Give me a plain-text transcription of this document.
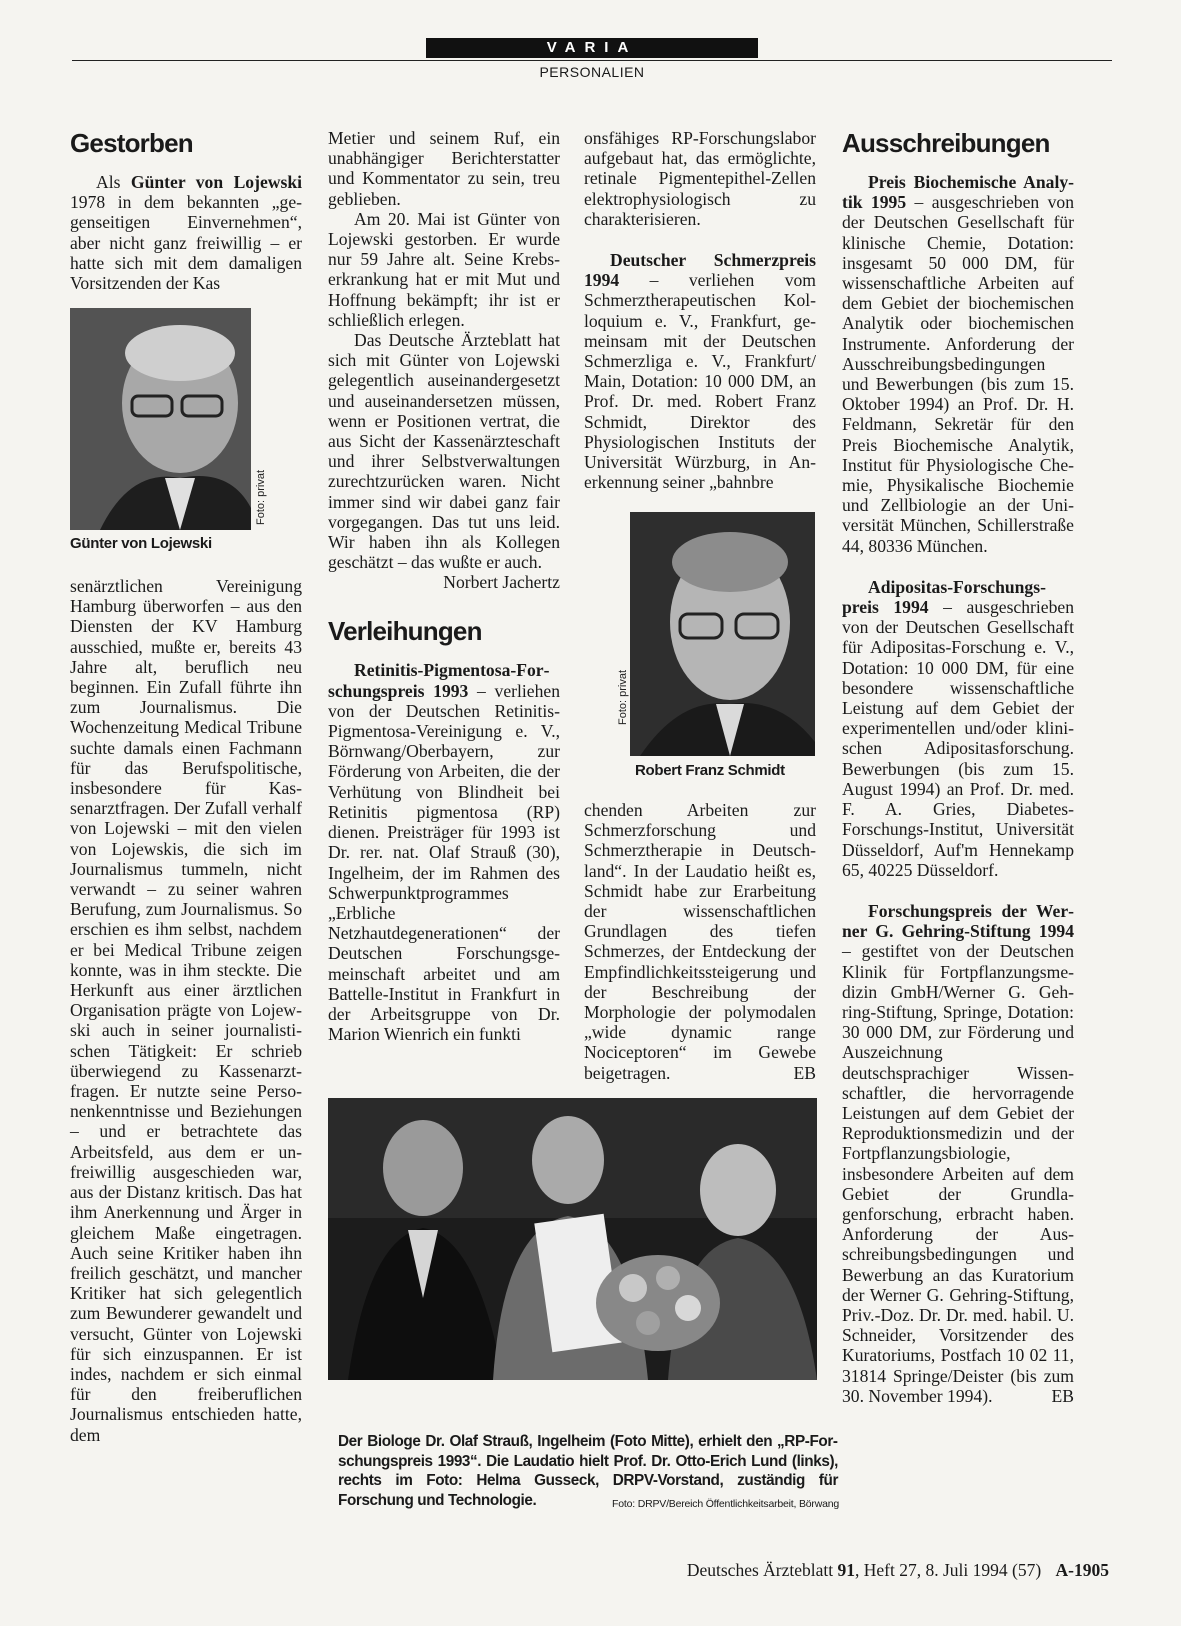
VARIA
PERSONALIEN
Gestorben

Als Günter von Lojewski 1978 in dem bekannten „gegenseitigen Einvernehmen“, aber nicht ganz freiwillig – er hatte sich mit dem damaligen Vorsitzenden der Kas

Foto: privat
Günter von Lojewski

senärztlichen Vereinigung Hamburg überworfen – aus den Diensten der KV Hamburg ausschied, mußte er, bereits 43 Jahre alt, beruflich neu beginnen. Ein Zufall führte ihn zum Journalismus. Die Wochenzeitung Medical Tribune suchte damals einen Fachmann für das Berufspolitische, insbesondere für Kassenarztfragen. Der Zufall verhalf von Lojewski – mit den vielen von Lojewskis, die sich im Journalismus tummeln, nicht verwandt – zu seiner wahren Berufung, zum Journalismus. So erschien es ihm selbst, nachdem er bei Medical Tribune zeigen konnte, was in ihm steckte. Die Herkunft aus einer ärztlichen Organisation prägte von Lojewski auch in seiner journalistischen Tätigkeit: Er schrieb überwiegend zu Kassenarztfragen. Er nutzte seine Personenkenntnisse und Beziehungen – und er betrachtete das Arbeitsfeld, aus dem er unfreiwillig ausgeschieden war, aus der Distanz kritisch. Das hat ihm Anerkennung und Ärger in gleichem Maße eingetragen. Auch seine Kritiker haben ihn freilich geschätzt, und mancher Kritiker hat sich gelegentlich zum Bewunderer gewandelt und versucht, Günter von Lojewski für sich einzuspannen. Er ist indes, nachdem er sich einmal für den freiberuflichen Journalismus entschieden hatte, dem

Metier und seinem Ruf, ein unabhängiger Berichterstatter und Kommentator zu sein, treu geblieben.

Am 20. Mai ist Günter von Lojewski gestorben. Er wurde nur 59 Jahre alt. Seine Krebserkrankung hat er mit Mut und Hoffnung bekämpft; ihr ist er schließlich erlegen.

Das Deutsche Ärzteblatt hat sich mit Günter von Lojewski gelegentlich auseinandergesetzt und auseinandersetzen müssen, wenn er Positionen vertrat, die aus Sicht der Kassenärzteschaft und ihrer Selbstverwaltungen zurechtzurücken waren. Nicht immer sind wir dabei ganz fair vorgegangen. Das tut uns leid. Wir haben ihn als Kollegen geschätzt – das wußte er auch.
Norbert Jachertz

Verleihungen

Retinitis-Pigmentosa-Forschungspreis 1993 – verliehen von der Deutschen Retinitis-Pigmentosa-Vereinigung e. V., Börnwang/Oberbayern, zur Förderung von Arbeiten, die der Verhütung von Blindheit bei Retinitis pigmentosa (RP) dienen. Preisträger für 1993 ist Dr. rer. nat. Olaf Strauß (30), Ingelheim, der im Rahmen des Schwerpunktprogrammes „Erbliche Netzhautdegenerationen“ der Deutschen Forschungsgemeinschaft arbeitet und am Battelle-Institut in Frankfurt in der Arbeitsgruppe von Dr. Marion Wienrich ein funkti

onsfähiges RP-Forschungslabor aufgebaut hat, das ermöglichte, retinale Pigmentepithel-Zellen elektrophysiologisch zu charakterisieren.

Deutscher Schmerzpreis 1994 – verliehen vom Schmerztherapeutischen Kolloquium e. V., Frankfurt, gemeinsam mit der Deutschen Schmerzliga e. V., Frankfurt/ Main, Dotation: 10 000 DM, an Prof. Dr. med. Robert Franz Schmidt, Direktor des Physiologischen Instituts der Universität Würzburg, in Anerkennung seiner „bahnbre

Foto: privat
Robert Franz Schmidt

chenden Arbeiten zur Schmerzforschung und Schmerztherapie in Deutschland“. In der Laudatio heißt es, Schmidt habe zur Erarbeitung der wissenschaftlichen Grundlagen des tiefen Schmerzes, der Entdeckung der Empfindlichkeitssteigerung und der Beschreibung der Morphologie der polymodalen „wide dynamic range Nociceptoren“ im Gewebe beigetragen.	EB

Ausschreibungen

Preis Biochemische Analytik 1995 – ausgeschrieben von der Deutschen Gesellschaft für klinische Chemie, Dotation: insgesamt 50 000 DM, für wissenschaftliche Arbeiten auf dem Gebiet der biochemischen Analytik oder biochemischen Instrumente. Anforderung der Ausschreibungsbedingungen und Bewerbungen (bis zum 15. Oktober 1994) an Prof. Dr. H. Feldmann, Sekretär für den Preis Biochemische Analytik, Institut für Physiologische Chemie, Physikalische Biochemie und Zellbiologie an der Universität München, Schillerstraße 44, 80336 München.

Adipositas-Forschungspreis 1994 – ausgeschrieben von der Deutschen Gesellschaft für Adipositas-Forschung e. V., Dotation: 10 000 DM, für eine besondere wissenschaftliche Leistung auf dem Gebiet der experimentellen und/oder klinischen Adipositasforschung. Bewerbungen (bis zum 15. August 1994) an Prof. Dr. med. F. A. Gries, Diabetes-Forschungs-Institut, Universität Düsseldorf, Auf'm Hennekamp 65, 40225 Düsseldorf.

Forschungspreis der Werner G. Gehring-Stiftung 1994 – gestiftet von der Deutschen Klinik für Fortpflanzungsmedizin GmbH/Werner G. Gehring-Stiftung, Springe, Dotation: 30 000 DM, zur Förderung und Auszeichnung deutschsprachiger Wissenschaftler, die hervorragende Leistungen auf dem Gebiet der Reproduktionsmedizin und der Fortpflanzungsbiologie, insbesondere Arbeiten auf dem Gebiet der Grundlagenforschung, erbracht haben. Anforderung der Ausschreibungsbedingungen und Bewerbung an das Kuratorium der Werner G. Gehring-Stiftung, Priv.-Doz. Dr. Dr. med. habil. U. Schneider, Vorsitzender des Kuratoriums, Postfach 10 02 11, 31814 Springe/Deister (bis zum 30. November 1994).	EB

Der Biologe Dr. Olaf Strauß, Ingelheim (Foto Mitte), erhielt den „RP-Forschungspreis 1993“. Die Laudatio hielt Prof. Dr. Otto-Erich Lund (links), rechts im Foto: Helma Gusseck, DRPV-Vorstand, zuständig für Forschung und Technologie.	Foto: DRPV/Bereich Öffentlichkeitsarbeit, Börwang
Deutsches Ärzteblatt 91, Heft 27, 8. Juli 1994 (57) A-1905
